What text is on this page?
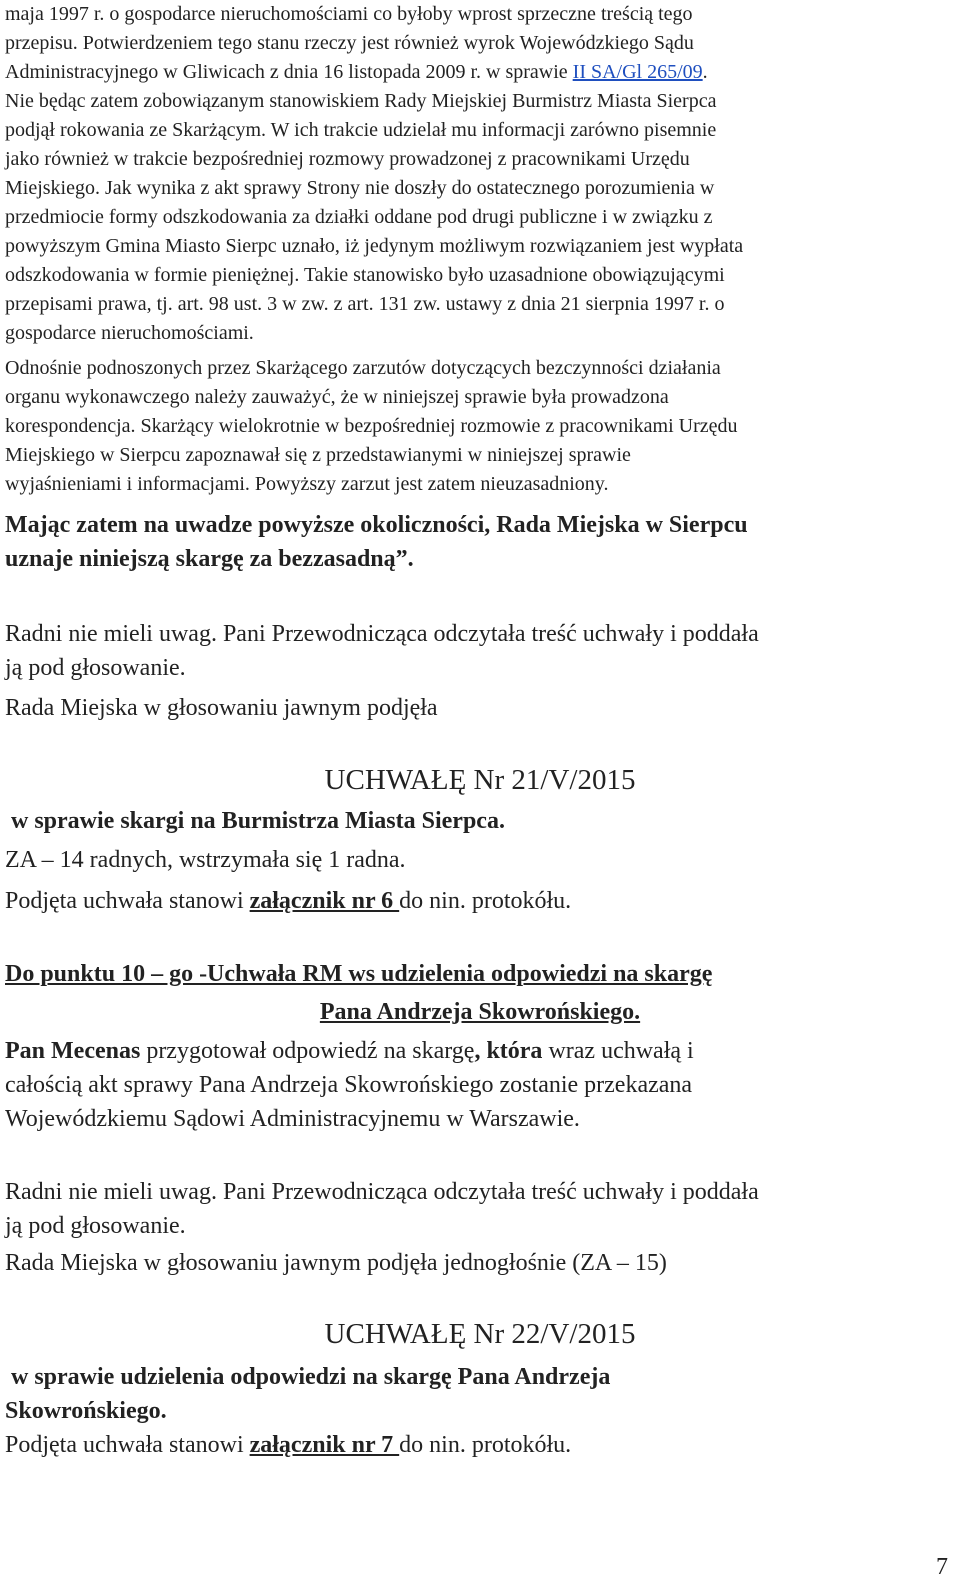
maja 1997 r. o gospodarce nieruchomościami co byłoby wprost sprzeczne treścią tego
przepisu. Potwierdzeniem tego stanu rzeczy jest również wyrok Wojewódzkiego Sądu
Administracyjnego w Gliwicach z dnia 16 listopada 2009 r. w sprawie II SA/Gl 265/09.
Nie będąc zatem zobowiązanym stanowiskiem Rady Miejskiej Burmistrz Miasta Sierpca
podjął rokowania ze Skarżącym. W ich trakcie udzielał mu informacji zarówno pisemnie
jako również w trakcie bezpośredniej rozmowy prowadzonej z pracownikami Urzędu
Miejskiego. Jak wynika z akt sprawy Strony nie doszły do ostatecznego porozumienia w
przedmiocie formy odszkodowania za działki oddane pod drugi publiczne i w związku z
powyższym Gmina Miasto Sierpc uznało, iż jedynym możliwym rozwiązaniem jest wypłata
odszkodowania w formie pieniężnej. Takie stanowisko było uzasadnione obowiązującymi
przepisami prawa, tj. art. 98 ust. 3 w zw. z art. 131 zw. ustawy z dnia 21 sierpnia 1997 r. o
gospodarce nieruchomościami.
Odnośnie podnoszonych przez Skarżącego zarzutów dotyczących bezczynności działania
organu wykonawczego należy zauważyć, że w niniejszej sprawie była prowadzona
korespondencja. Skarżący wielokrotnie w bezpośredniej rozmowie z pracownikami Urzędu
Miejskiego w Sierpcu zapoznawał się z przedstawianymi w niniejszej sprawie
wyjaśnieniami i informacjami. Powyższy zarzut jest zatem nieuzasadniony.
Mając zatem na uwadze powyższe okoliczności, Rada Miejska w Sierpcu
uznaje niniejszą skargę za bezzasadną”.
Radni nie mieli uwag. Pani Przewodnicząca odczytała treść uchwały i poddała
ją pod głosowanie.
Rada Miejska w głosowaniu jawnym podjęła
UCHWAŁĘ Nr 21/V/2015
w sprawie skargi na Burmistrza Miasta Sierpca.
ZA – 14 radnych, wstrzymała się 1 radna.
Podjęta uchwała stanowi załącznik nr 6 do nin. protokółu.
Do punktu 10 – go -Uchwała RM ws udzielenia odpowiedzi na skargę
Pana Andrzeja Skowrońskiego.
Pan Mecenas przygotował odpowiedź na skargę, która wraz uchwałą i
całością akt sprawy Pana Andrzeja Skowrońskiego zostanie przekazana
Wojewódzkiemu Sądowi Administracyjnemu w Warszawie.
Radni nie mieli uwag. Pani Przewodnicząca odczytała treść uchwały i poddała
ją pod głosowanie.
Rada Miejska w głosowaniu jawnym podjęła jednogłośnie (ZA – 15)
UCHWAŁĘ Nr 22/V/2015
w sprawie udzielenia odpowiedzi na skargę Pana Andrzeja
Skowrońskiego.
Podjęta uchwała stanowi załącznik nr 7 do nin. protokółu.
7
